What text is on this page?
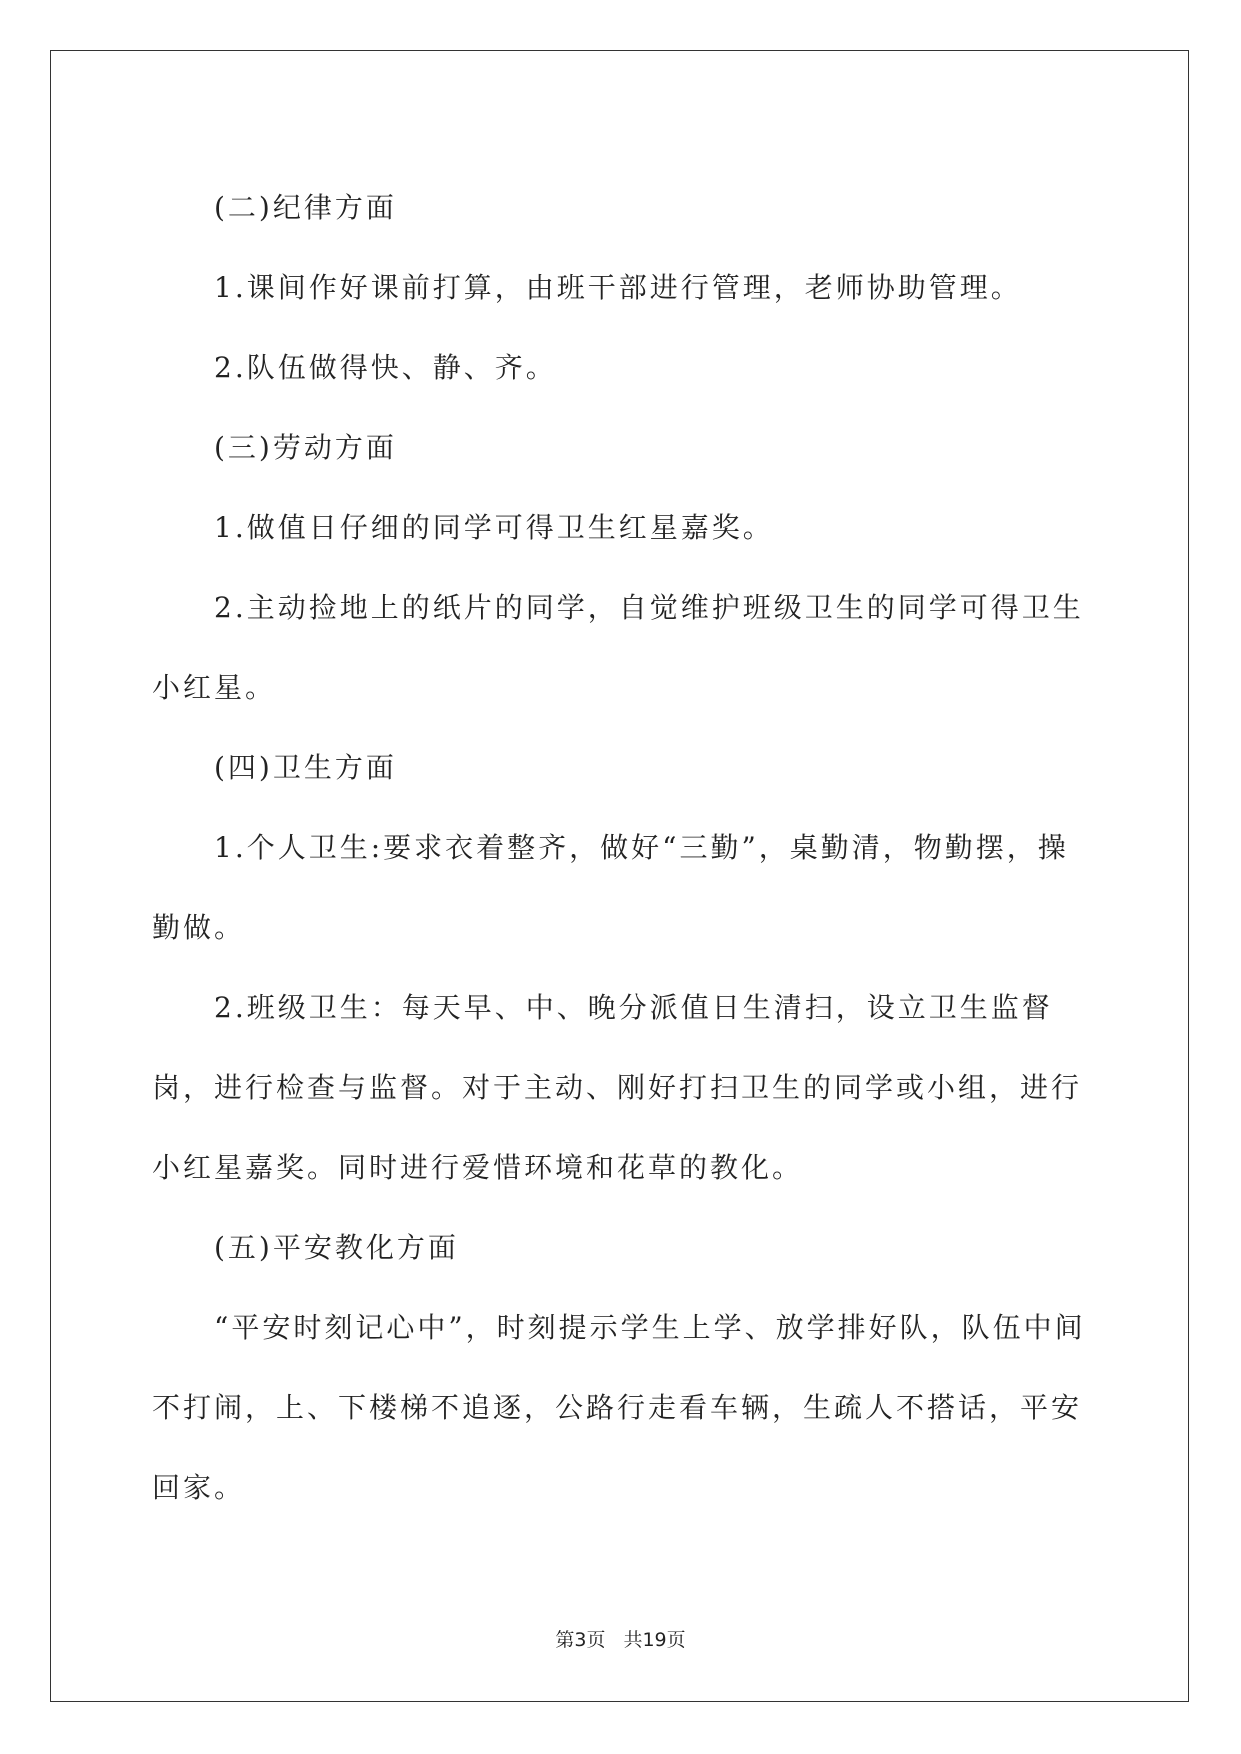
(二)纪律方面

1.课间作好课前打算，由班干部进行管理，老师协助管理。

2.队伍做得快、静、齐。

(三)劳动方面

1.做值日仔细的同学可得卫生红星嘉奖。

2.主动捡地上的纸片的同学，自觉维护班级卫生的同学可得卫生小红星。

(四)卫生方面

1.个人卫生:要求衣着整齐，做好“三勤”，桌勤清，物勤摆，操勤做。

2.班级卫生：每天早、中、晚分派值日生清扫，设立卫生监督岗，进行检查与监督。对于主动、刚好打扫卫生的同学或小组，进行小红星嘉奖。同时进行爱惜环境和花草的教化。

(五)平安教化方面

“平安时刻记心中”，时刻提示学生上学、放学排好队，队伍中间不打闹，上、下楼梯不追逐，公路行走看车辆，生疏人不搭话，平安回家。

第3页 共19页
